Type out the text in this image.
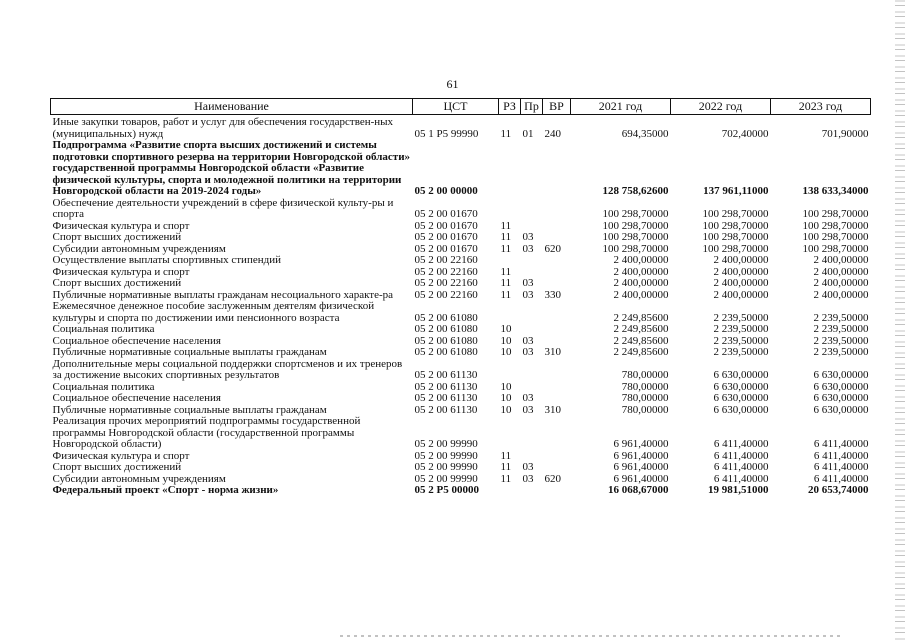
61
Наименование	ЦСТ	РЗ	Пр	ВР	2021 год	2022 год	2023 год
Иные закупки товаров, работ и услуг для обеспечения государствен-ных (муниципальных) нужд	05 1 Р5 99990	11	01	240	694,35000	702,40000	701,90000
Подпрограмма «Развитие спорта высших достижений и системы подготовки спортивного резерва на территории Новгородской области» государственной программы Новгородской области «Развитие физической культуры, спорта и молодежной политики на территории Новгородской области на 2019-2024 годы»	05 2 00 00000				128 758,62600	137 961,11000	138 633,34000
Обеспечение деятельности учреждений в сфере физической культу-ры и спорта	05 2 00 01670				100 298,70000	100 298,70000	100 298,70000
Физическая культура и спорт	05 2 00 01670	11			100 298,70000	100 298,70000	100 298,70000
Спорт высших достижений	05 2 00 01670	11	03		100 298,70000	100 298,70000	100 298,70000
Субсидии автономным учреждениям	05 2 00 01670	11	03	620	100 298,70000	100 298,70000	100 298,70000
Осуществление выплаты спортивных стипендий	05 2 00 22160				2 400,00000	2 400,00000	2 400,00000
Физическая культура и спорт	05 2 00 22160	11			2 400,00000	2 400,00000	2 400,00000
Спорт высших достижений	05 2 00 22160	11	03		2 400,00000	2 400,00000	2 400,00000
Публичные нормативные выплаты гражданам несоциального характе-ра	05 2 00 22160	11	03	330	2 400,00000	2 400,00000	2 400,00000
Ежемесячное денежное пособие заслуженным деятелям физической культуры и спорта по достижении ими пенсионного возраста	05 2 00 61080				2 249,85600	2 239,50000	2 239,50000
Социальная политика	05 2 00 61080	10			2 249,85600	2 239,50000	2 239,50000
Социальное обеспечение населения	05 2 00 61080	10	03		2 249,85600	2 239,50000	2 239,50000
Публичные нормативные социальные выплаты гражданам	05 2 00 61080	10	03	310	2 249,85600	2 239,50000	2 239,50000
Дополнительные меры социальной поддержки спортсменов и их тренеров за достижение высоких спортивных результатов	05 2 00 61130				780,00000	6 630,00000	6 630,00000
Социальная политика	05 2 00 61130	10			780,00000	6 630,00000	6 630,00000
Социальное обеспечение населения	05 2 00 61130	10	03		780,00000	6 630,00000	6 630,00000
Публичные нормативные социальные выплаты гражданам	05 2 00 61130	10	03	310	780,00000	6 630,00000	6 630,00000
Реализация прочих мероприятий подпрограммы государственной программы Новгородской области (государственной программы Новгородской области)	05 2 00 99990				6 961,40000	6 411,40000	6 411,40000
Физическая культура и спорт	05 2 00 99990	11			6 961,40000	6 411,40000	6 411,40000
Спорт высших достижений	05 2 00 99990	11	03		6 961,40000	6 411,40000	6 411,40000
Субсидии автономным учреждениям	05 2 00 99990	11	03	620	6 961,40000	6 411,40000	6 411,40000
Федеральный проект «Спорт - норма жизни»	05 2 Р5 00000				16 068,67000	19 981,51000	20 653,74000
